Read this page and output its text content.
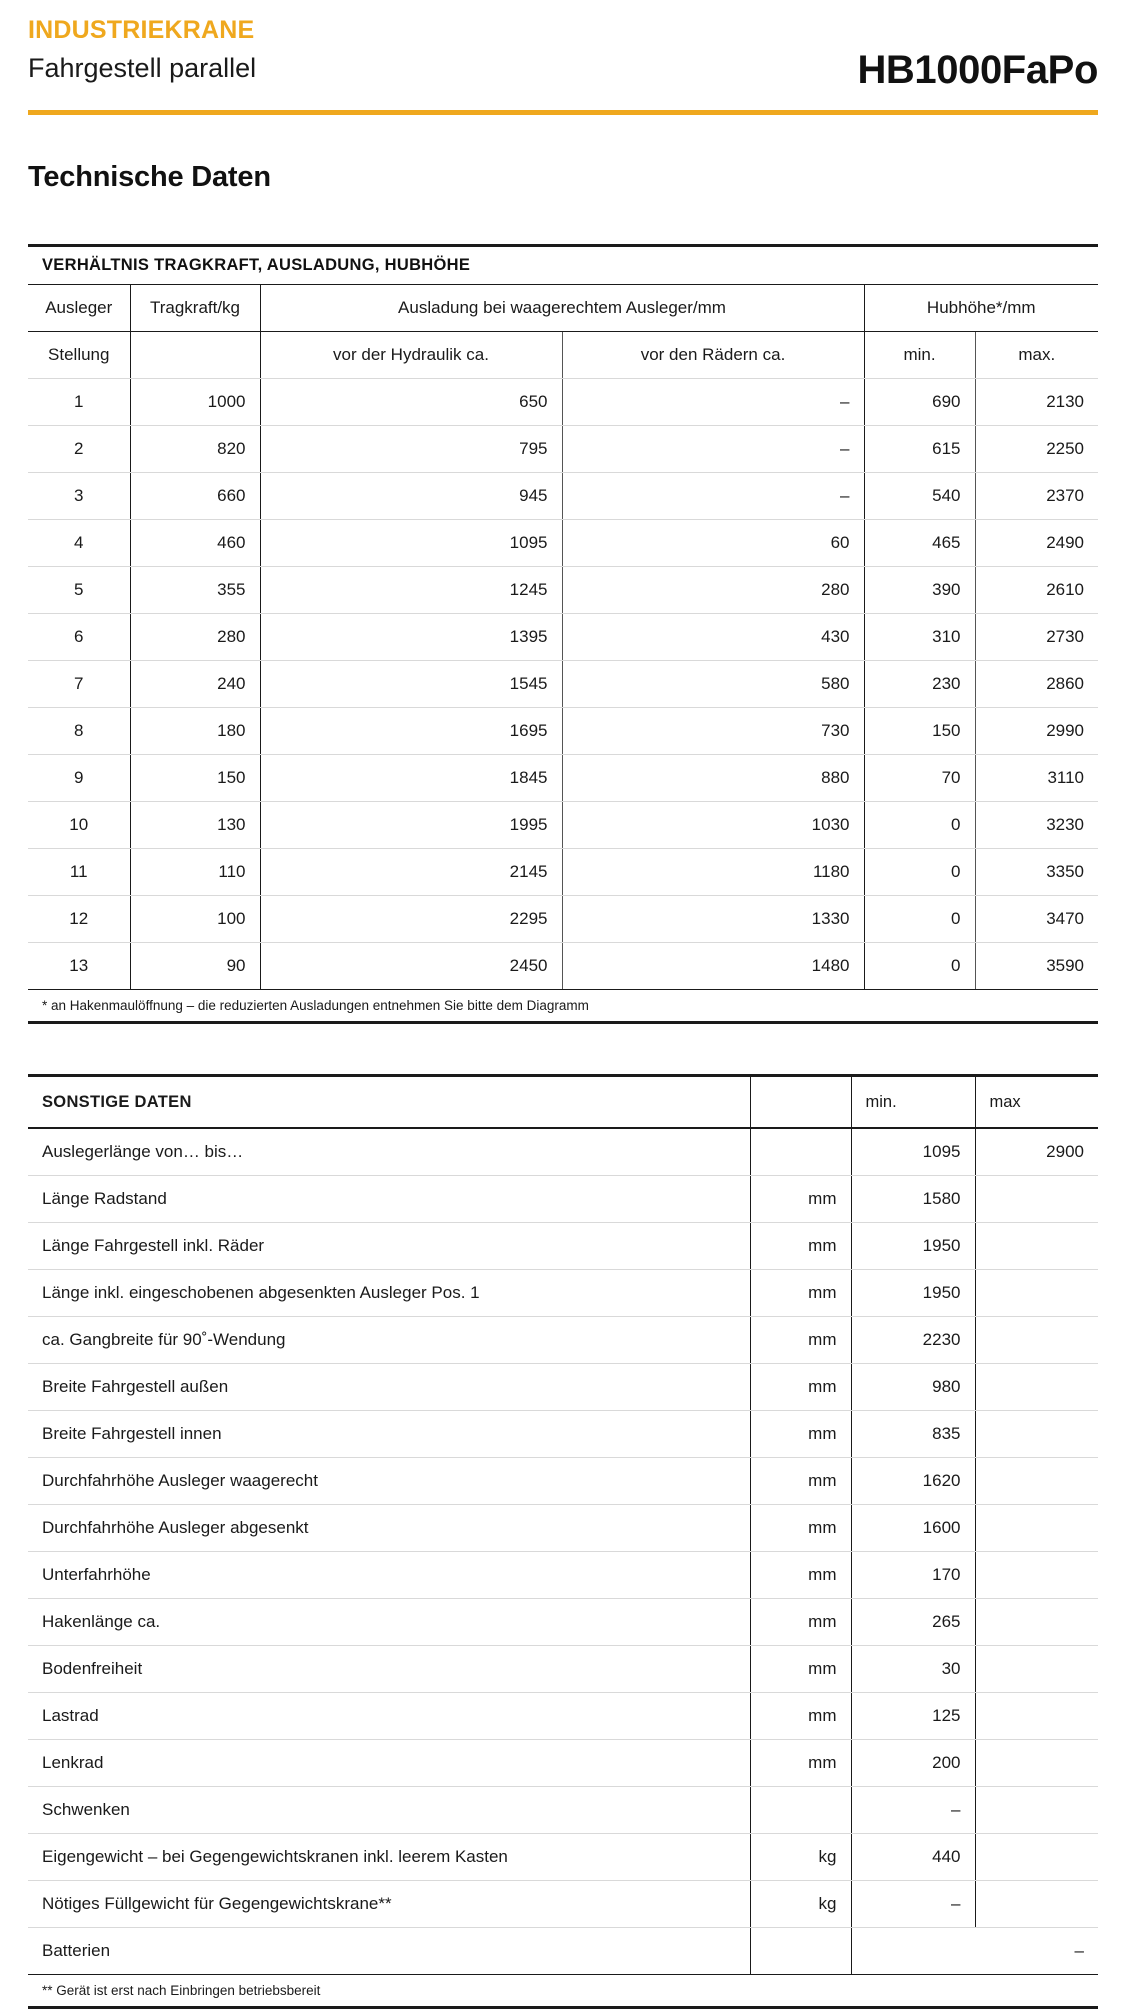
INDUSTRIEKRANE
Fahrgestell parallel	HB1000FaPo
Technische Daten
VERHÄLTNIS TRAGKRAFT, AUSLADUNG, HUBHÖHE
Ausleger	Tragkraft/kg	Ausladung bei waagerechtem Ausleger/mm		Hubhöhe*/mm	
Stellung		vor der Hydraulik ca.	vor den Rädern ca.	min.	max.
1	1000	650	–	690	2130
2	820	795	–	615	2250
3	660	945	–	540	2370
4	460	1095	60	465	2490
5	355	1245	280	390	2610
6	280	1395	430	310	2730
7	240	1545	580	230	2860
8	180	1695	730	150	2990
9	150	1845	880	70	3110
10	130	1995	1030	0	3230
11	110	2145	1180	0	3350
12	100	2295	1330	0	3470
13	90	2450	1480	0	3590
* an Hakenmaulöffnung – die reduzierten Ausladungen entnehmen Sie bitte dem Diagramm
SONSTIGE DATEN		min.	max
Auslegerlänge von… bis…		1095	2900
Länge Radstand	mm	1580	
Länge Fahrgestell inkl. Räder	mm	1950	
Länge inkl. eingeschobenen abgesenkten Ausleger Pos. 1	mm	1950	
ca. Gangbreite für 90˚-Wendung	mm	2230	
Breite Fahrgestell außen	mm	980	
Breite Fahrgestell innen	mm	835	
Durchfahrhöhe Ausleger waagerecht	mm	1620	
Durchfahrhöhe Ausleger abgesenkt	mm	1600	
Unterfahrhöhe	mm	170	
Hakenlänge ca.	mm	265	
Bodenfreiheit	mm	30	
Lastrad	mm	125	
Lenkrad	mm	200	
Schwenken		–	
Eigengewicht – bei Gegengewichtskranen inkl. leerem Kasten	kg	440	
Nötiges Füllgewicht für Gegengewichtskrane**	kg	–	
Batterien			–
** Gerät ist erst nach Einbringen betriebsbereit
